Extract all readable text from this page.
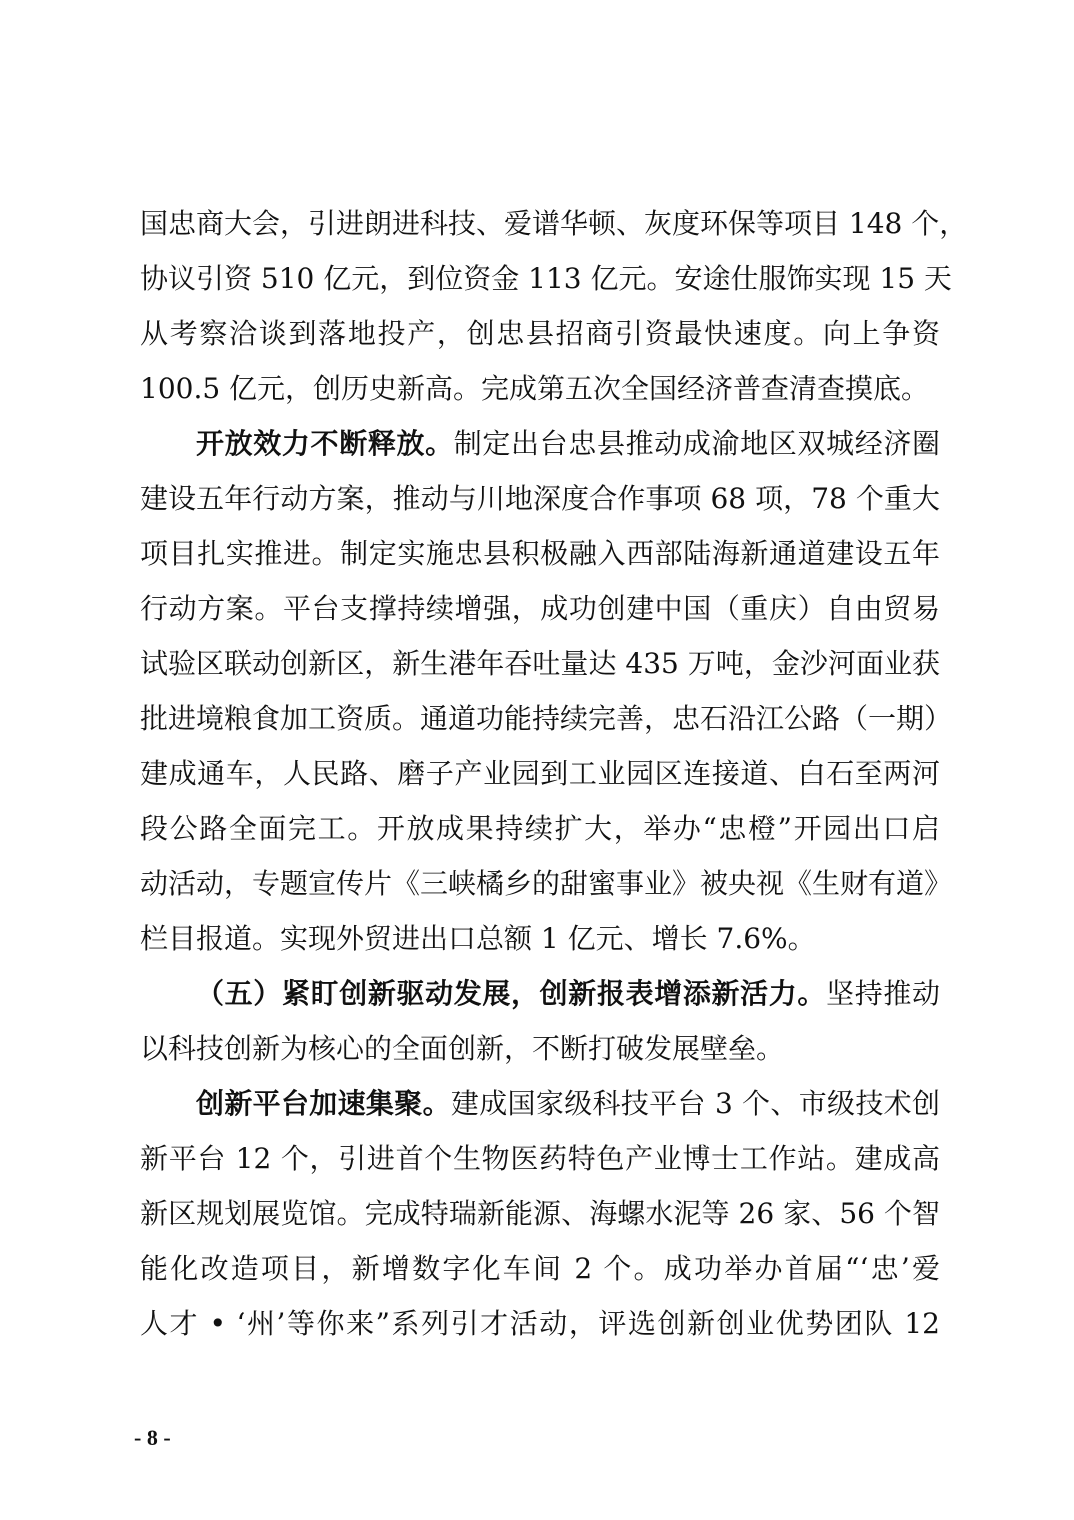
国忠商大会，引进朗进科技、爱谱华顿、灰度环保等项目 148 个，
协议引资 510 亿元，到位资金 113 亿元。安途仕服饰实现 15 天
从考察洽谈到落地投产，创忠县招商引资最快速度。向上争资
100.5 亿元，创历史新高。完成第五次全国经济普查清查摸底。
开放效力不断释放。制定出台忠县推动成渝地区双城经济圈
建设五年行动方案，推动与川地深度合作事项 68 项，78 个重大
项目扎实推进。制定实施忠县积极融入西部陆海新通道建设五年
行动方案。平台支撑持续增强，成功创建中国（重庆）自由贸易
试验区联动创新区，新生港年吞吐量达 435 万吨，金沙河面业获
批进境粮食加工资质。通道功能持续完善，忠石沿江公路（一期）
建成通车，人民路、磨子产业园到工业园区连接道、白石至两河
段公路全面完工。开放成果持续扩大，举办“忠橙”开园出口启
动活动，专题宣传片《三峡橘乡的甜蜜事业》被央视《生财有道》
栏目报道。实现外贸进出口总额 1 亿元、增长 7.6%。
（五）紧盯创新驱动发展，创新报表增添新活力。坚持推动
以科技创新为核心的全面创新，不断打破发展壁垒。
创新平台加速集聚。建成国家级科技平台 3 个、市级技术创
新平台 12 个，引进首个生物医药特色产业博士工作站。建成高
新区规划展览馆。完成特瑞新能源、海螺水泥等 26 家、56 个智
能化改造项目，新增数字化车间 2 个。成功举办首届“‘忠’爱
人才 • ‘州’等你来”系列引才活动，评选创新创业优势团队 12
- 8 -
